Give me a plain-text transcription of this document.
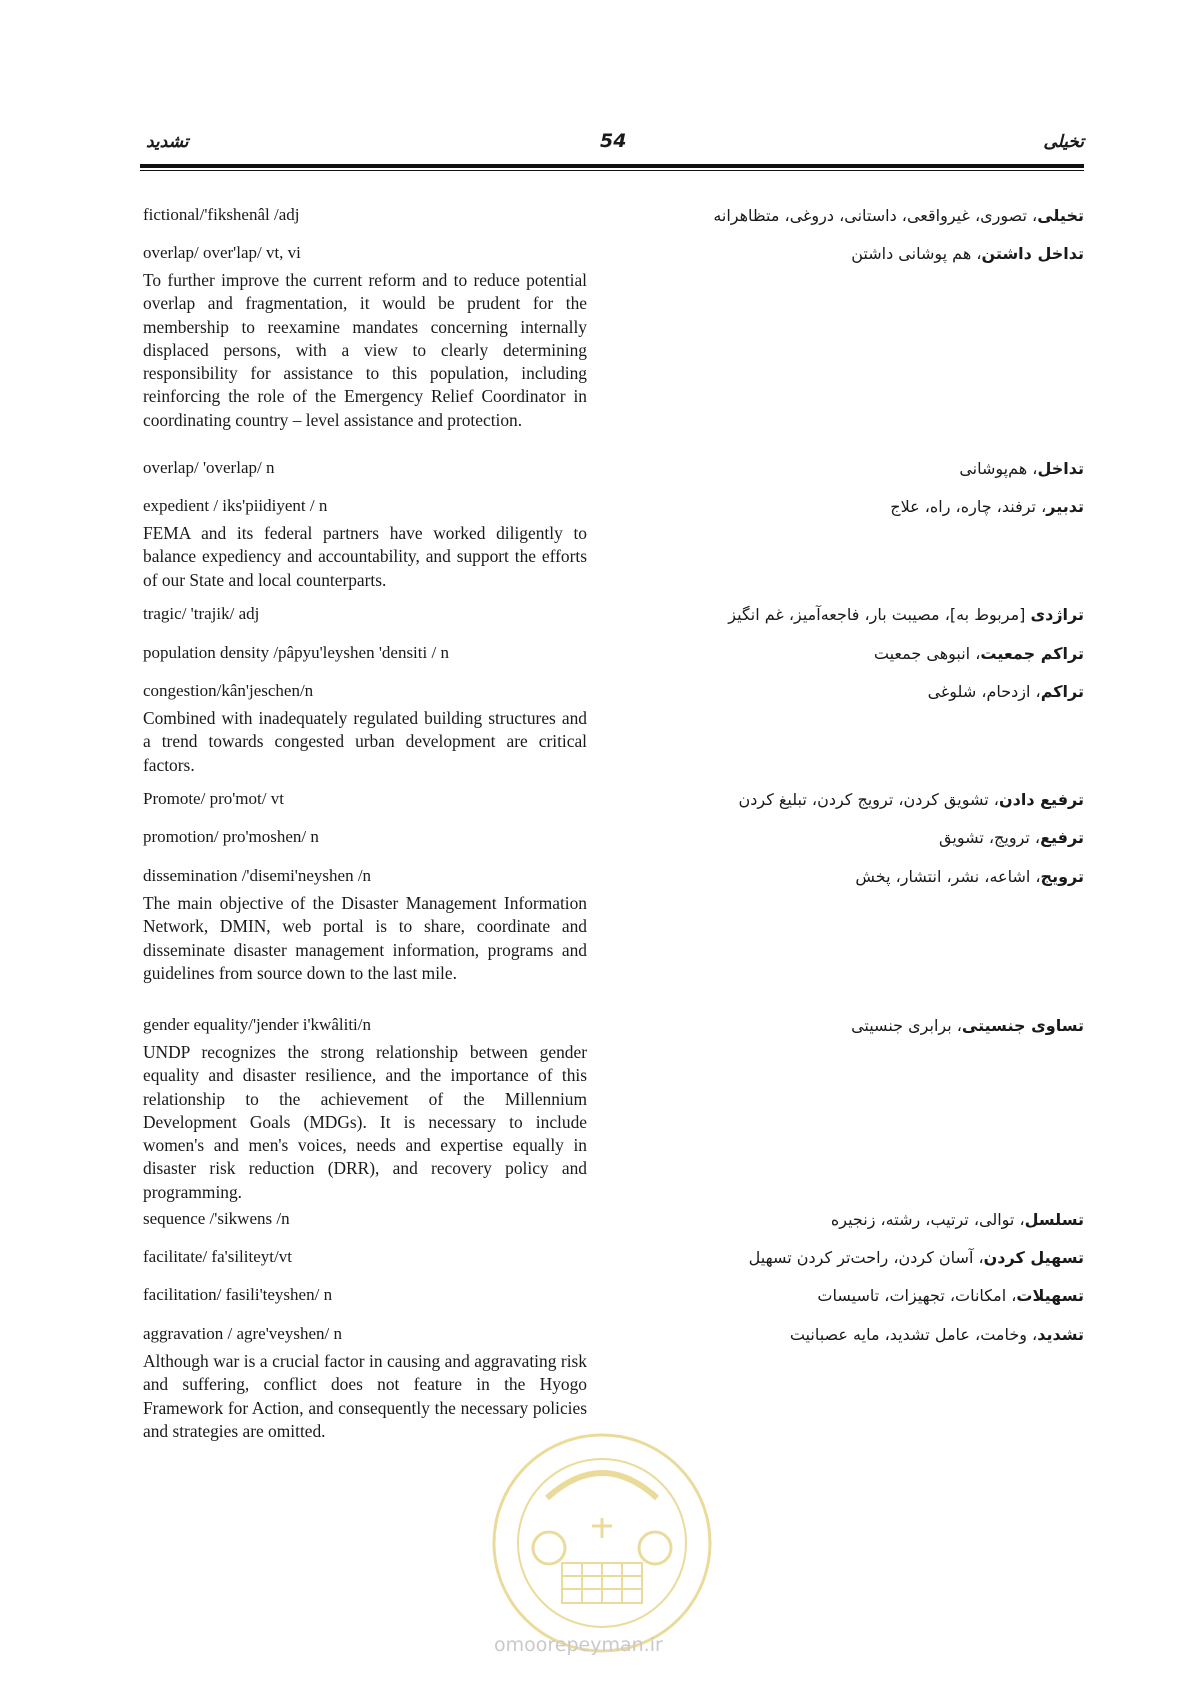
تشدید	54	تخیلی
fictional/'fikshenâl /adj	تخیلی، تصوری، غیرواقعی، داستانی، دروغی، متظاهرانه
overlap/ over'lap/ vt, vi	تداخل داشتن، هم پوشانی داشتن
To further improve the current reform and to reduce potential overlap and fragmentation, it would be prudent for the membership to reexamine mandates concerning internally displaced persons, with a view to clearly determining responsibility for assistance to this population, including reinforcing the role of the Emergency Relief Coordinator in coordinating country – level assistance and protection.
overlap/ 'overlap/ n	تداخل، هم‌پوشانی
expedient / iks'piidiyent / n	تدبیر، ترفند، چاره، راه، علاج
FEMA and its federal partners have worked diligently to balance expediency and accountability, and support the efforts of our State and local counterparts.
tragic/ 'trajik/ adj	تراژدی [مربوط به]، مصیبت بار، فاجعه‌آمیز، غم انگیز
population density /pâpyu'leyshen 'densiti / n	تراکم جمعیت، انبوهی جمعیت
congestion/kân'jeschen/n	تراکم، ازدحام، شلوغی
Combined with inadequately regulated building structures and a trend towards congested urban development are critical factors.
Promote/ pro'mot/ vt	ترفیع دادن، تشویق کردن، ترویج کردن، تبلیغ کردن
promotion/ pro'moshen/ n	ترفیع، ترویج، تشویق
dissemination /'disemi'neyshen /n	ترویج، اشاعه، نشر، انتشار، پخش
The main objective of the Disaster Management Information Network, DMIN, web portal is to share, coordinate and disseminate disaster management information, programs and guidelines from source down to the last mile.
gender equality/'jender i'kwâliti/n	تساوی جنسیتی، برابری جنسیتی
UNDP recognizes the strong relationship between gender equality and disaster resilience, and the importance of this relationship to the achievement of the Millennium Development Goals (MDGs). It is necessary to include women's and men's voices, needs and expertise equally in disaster risk reduction (DRR), and recovery policy and programming.
sequence /'sikwens /n	تسلسل، توالی، ترتیب، رشته، زنجیره
facilitate/ fa'siliteyt/vt	تسهیل کردن، آسان کردن، راحت‌تر کردن تسهیل
facilitation/ fasili'teyshen/ n	تسهیلات، امکانات، تجهیزات، تاسیسات
aggravation / agre'veyshen/ n	تشدید، وخامت، عامل تشدید، مایه عصبانیت
Although war is a crucial factor in causing and aggravating risk and suffering, conflict does not feature in the Hyogo Framework for Action, and consequently the necessary policies and strategies are omitted.
omoorepeyman.ir
